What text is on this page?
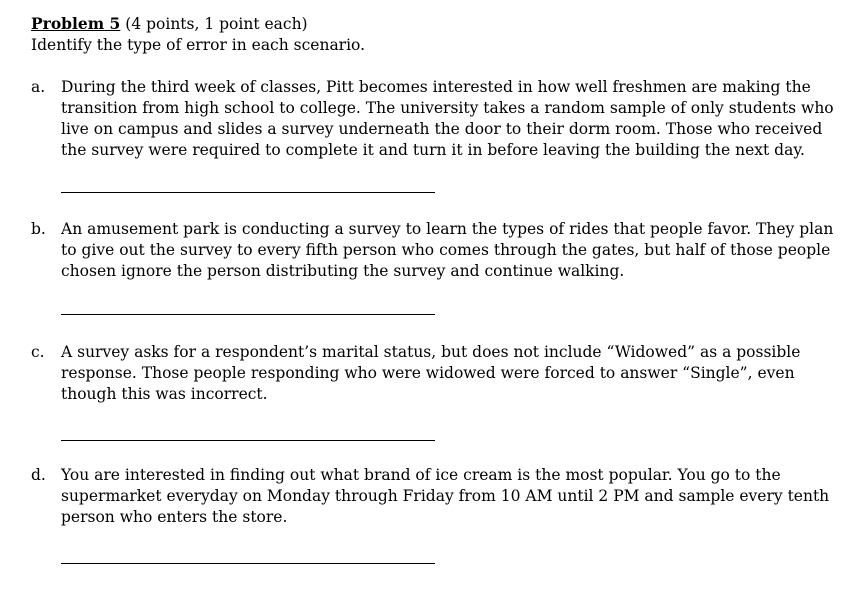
Problem 5 (4 points, 1 point each)
Identify the type of error in each scenario.
a.	During the third week of classes, Pitt becomes interested in how well freshmen are making the transition from high school to college. The university takes a random sample of only students who live on campus and slides a survey underneath the door to their dorm room. Those who received the survey were required to complete it and turn it in before leaving the building the next day.
b. An amusement park is conducting a survey to learn the types of rides that people favor. They plan to give out the survey to every fifth person who comes through the gates, but half of those people chosen ignore the person distributing the survey and continue walking.
c.	A survey asks for a respondent’s marital status, but does not include “Widowed” as a possible response. Those people responding who were widowed were forced to answer “Single”, even though this was incorrect.
d. You are interested in finding out what brand of ice cream is the most popular. You go to the supermarket everyday on Monday through Friday from 10 AM until 2 PM and sample every tenth person who enters the store.
